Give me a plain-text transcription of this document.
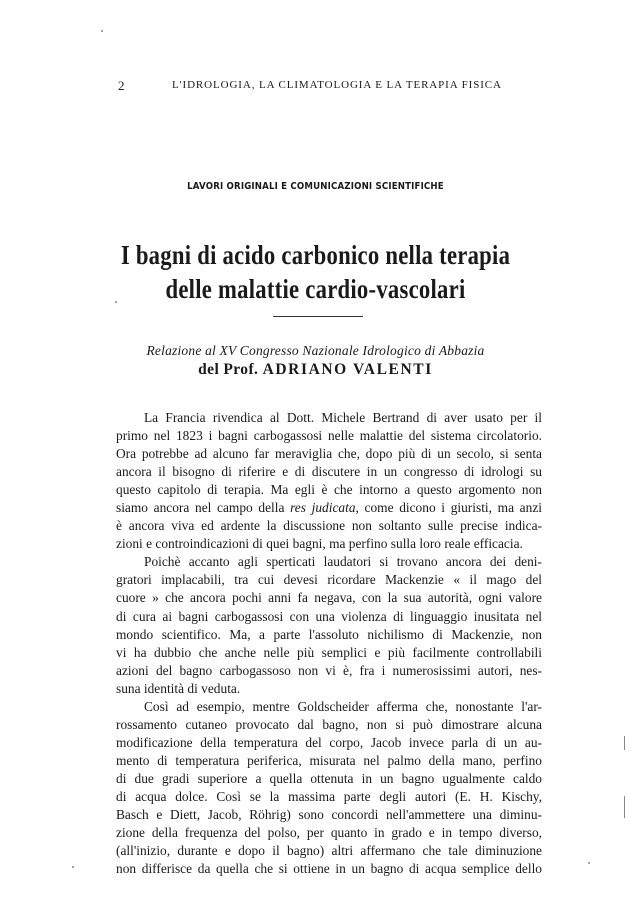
2	L'IDROLOGIA, LA CLIMATOLOGIA E LA TERAPIA FISICA
LAVORI ORIGINALI E COMUNICAZIONI SCIENTIFICHE
I bagni di acido carbonico nella terapia
delle malattie cardio-vascolari
Relazione al XV Congresso Nazionale Idrologico di Abbazia
del Prof. ADRIANO VALENTI
La Francia rivendica al Dott. Michele Bertrand di aver usato per il
primo nel 1823 i bagni carbogassosi nelle malattie del sistema circolatorio.
Ora potrebbe ad alcuno far meraviglia che, dopo più di un secolo, si senta
ancora il bisogno di riferire e di discutere in un congresso di idrologi su
questo capitolo di terapia. Ma egli è che intorno a questo argomento non
siamo ancora nel campo della res judicata, come dicono i giuristi, ma anzi
è ancora viva ed ardente la discussione non soltanto sulle precise indica-
zioni e controindicazioni di quei bagni, ma perfino sulla loro reale efficacia.
Poichè accanto agli sperticati laudatori si trovano ancora dei deni-
gratori implacabili, tra cui devesi ricordare Mackenzie « il mago del
cuore » che ancora pochi anni fa negava, con la sua autorità, ogni valore
di cura ai bagni carbogassosi con una violenza di linguaggio inusitata nel
mondo scientifico. Ma, a parte l'assoluto nichilismo di Mackenzie, non
vi ha dubbio che anche nelle più semplici e più facilmente controllabili
azioni del bagno carbogassoso non vi è, fra i numerosissimi autori, nes-
suna identità di veduta.
Così ad esempio, mentre Goldscheider afferma che, nonostante l'ar-
rossamento cutaneo provocato dal bagno, non si può dimostrare alcuna
modificazione della temperatura del corpo, Jacob invece parla di un au-
mento di temperatura periferica, misurata nel palmo della mano, perfino
di due gradi superiore a quella ottenuta in un bagno ugualmente caldo
di acqua dolce. Così se la massima parte degli autori (E. H. Kischy,
Basch e Diett, Jacob, Röhrig) sono concordi nell'ammettere una diminu-
zione della frequenza del polso, per quanto in grado e in tempo diverso,
(all'inizio, durante e dopo il bagno) altri affermano che tale diminuzione
non differisce da quella che si ottiene in un bagno di acqua semplice dello
